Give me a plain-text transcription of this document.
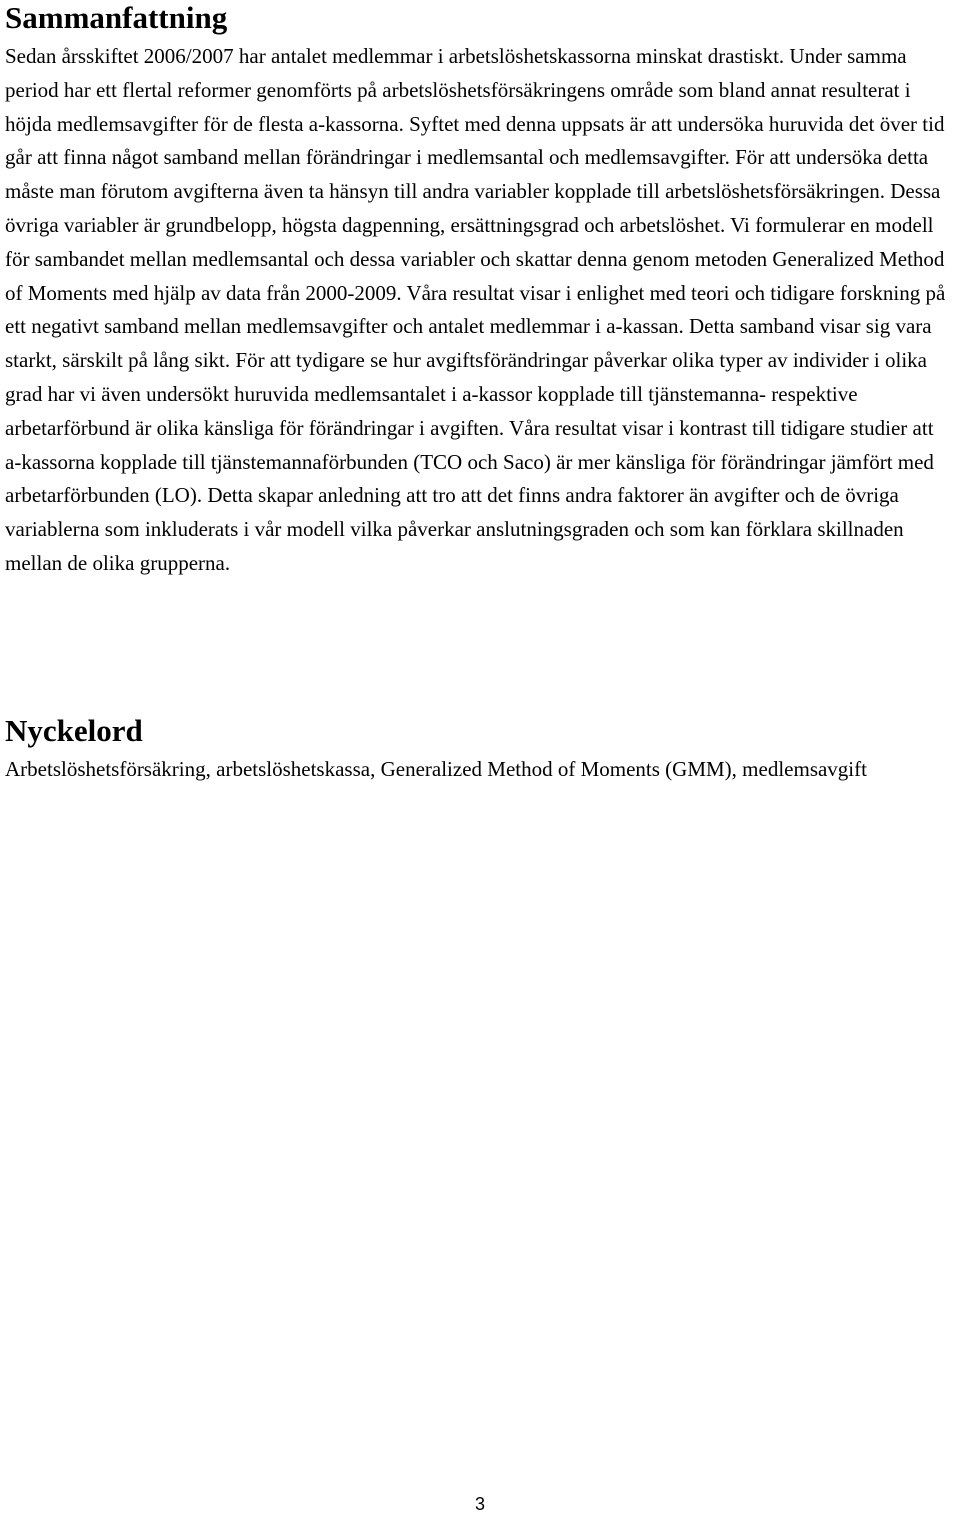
Sammanfattning

Sedan årsskiftet 2006/2007 har antalet medlemmar i arbetslöshetskassorna minskat drastiskt. Under samma period har ett flertal reformer genomförts på arbetslöshetsförsäkringens område som bland annat resulterat i höjda medlemsavgifter för de flesta a-kassorna. Syftet med denna uppsats är att undersöka huruvida det över tid går att finna något samband mellan förändringar i medlemsantal och medlemsavgifter. För att undersöka detta måste man förutom avgifterna även ta hänsyn till andra variabler kopplade till arbetslöshetsförsäkringen. Dessa övriga variabler är grundbelopp, högsta dagpenning, ersättningsgrad och arbetslöshet. Vi formulerar en modell för sambandet mellan medlemsantal och dessa variabler och skattar denna genom metoden Generalized Method of Moments med hjälp av data från 2000-2009. Våra resultat visar i enlighet med teori och tidigare forskning på ett negativt samband mellan medlemsavgifter och antalet medlemmar i a-kassan. Detta samband visar sig vara starkt, särskilt på lång sikt. För att tydigare se hur avgiftsförändringar påverkar olika typer av individer i olika grad har vi även undersökt huruvida medlemsantalet i a-kassor kopplade till tjänstemanna- respektive arbetarförbund är olika känsliga för förändringar i avgiften. Våra resultat visar i kontrast till tidigare studier att a-kassorna kopplade till tjänstemannaförbunden (TCO och Saco) är mer känsliga för förändringar jämfört med arbetarförbunden (LO). Detta skapar anledning att tro att det finns andra faktorer än avgifter och de övriga variablerna som inkluderats i vår modell vilka påverkar anslutningsgraden och som kan förklara skillnaden mellan de olika grupperna.

Nyckelord

Arbetslöshetsförsäkring, arbetslöshetskassa, Generalized Method of Moments (GMM), medlemsavgift

3
